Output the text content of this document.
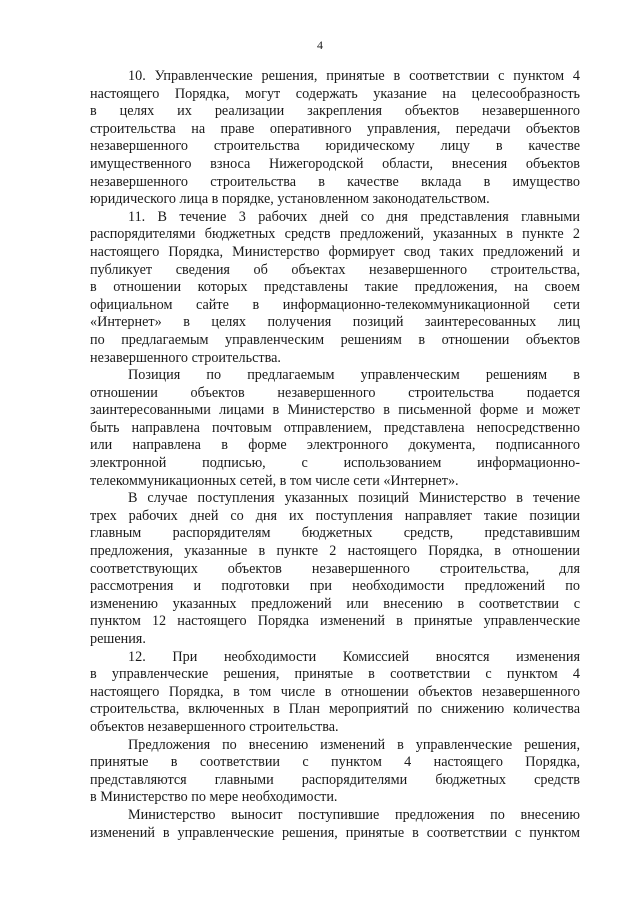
4

10. Управленческие решения, принятые в соответствии с пунктом 4
настоящего Порядка, могут содержать указание на целесообразность
в целях их реализации закрепления объектов незавершенного
строительства на праве оперативного управления, передачи объектов
незавершенного строительства юридическому лицу в качестве
имущественного взноса Нижегородской области, внесения объектов
незавершенного строительства в качестве вклада в имущество
юридического лица в порядке, установленном законодательством.

11. В течение 3 рабочих дней со дня представления главными
распорядителями бюджетных средств предложений, указанных в пункте 2
настоящего Порядка, Министерство формирует свод таких предложений и
публикует сведения об объектах незавершенного строительства,
в отношении которых представлены такие предложения, на своем
официальном сайте в информационно-телекоммуникационной сети
«Интернет» в целях получения позиций заинтересованных лиц
по предлагаемым управленческим решениям в отношении объектов
незавершенного строительства.

Позиция по предлагаемым управленческим решениям в
отношении объектов незавершенного строительства подается
заинтересованными лицами в Министерство в письменной форме и может
быть направлена почтовым отправлением, представлена непосредственно
или направлена в форме электронного документа, подписанного
электронной подписью, с использованием информационно-
телекоммуникационных сетей, в том числе сети «Интернет».

В случае поступления указанных позиций Министерство в течение
трех рабочих дней со дня их поступления направляет такие позиции
главным распорядителям бюджетных средств, представившим
предложения, указанные в пункте 2 настоящего Порядка, в отношении
соответствующих объектов незавершенного строительства, для
рассмотрения и подготовки при необходимости предложений по
изменению указанных предложений или внесению в соответствии с
пунктом 12 настоящего Порядка изменений в принятые управленческие
решения.

12. При необходимости Комиссией вносятся изменения
в управленческие решения, принятые в соответствии с пунктом 4
настоящего Порядка, в том числе в отношении объектов незавершенного
строительства, включенных в План мероприятий по снижению количества
объектов незавершенного строительства.

Предложения по внесению изменений в управленческие решения,
принятые в соответствии с пунктом 4 настоящего Порядка,
представляются главными распорядителями бюджетных средств
в Министерство по мере необходимости.

Министерство выносит поступившие предложения по внесению
изменений в управленческие решения, принятые в соответствии с пунктом
